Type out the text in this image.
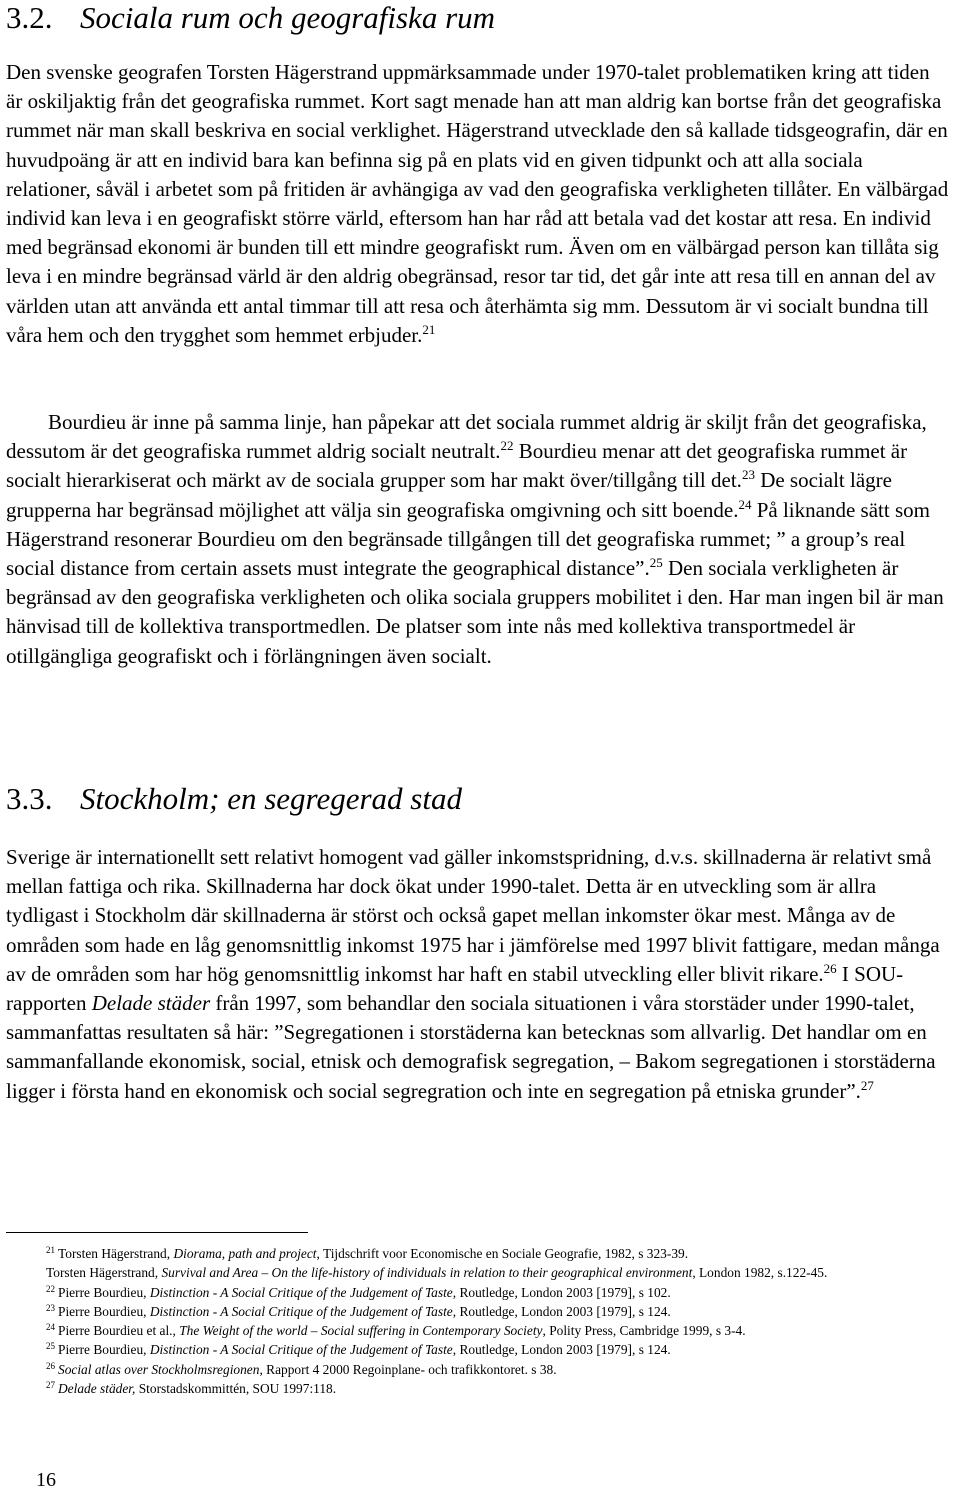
3.2. Sociala rum och geografiska rum

Den svenske geografen Torsten Hägerstrand uppmärksammade under 1970-talet problematiken kring att tiden är oskiljaktig från det geografiska rummet. Kort sagt menade han att man aldrig kan bortse från det geografiska rummet när man skall beskriva en social verklighet. Hägerstrand utvecklade den så kallade tidsgeografin, där en huvudpoäng är att en individ bara kan befinna sig på en plats vid en given tidpunkt och att alla sociala relationer, såväl i arbetet som på fritiden är avhängiga av vad den geografiska verkligheten tillåter. En välbärgad individ kan leva i en geografiskt större värld, eftersom han har råd att betala vad det kostar att resa. En individ med begränsad ekonomi är bunden till ett mindre geografiskt rum. Även om en välbärgad person kan tillåta sig leva i en mindre begränsad värld är den aldrig obegränsad, resor tar tid, det går inte att resa till en annan del av världen utan att använda ett antal timmar till att resa och återhämta sig mm. Dessutom är vi socialt bundna till våra hem och den trygghet som hemmet erbjuder.$^{21}$

Bourdieu är inne på samma linje, han påpekar att det sociala rummet aldrig är skiljt från det geografiska, dessutom är det geografiska rummet aldrig socialt neutralt.$^{22}$ Bourdieu menar att det geografiska rummet är socialt hierarkiserat och märkt av de sociala grupper som har makt över/tillgång till det.$^{23}$ De socialt lägre grupperna har begränsad möjlighet att välja sin geografiska omgivning och sitt boende.$^{24}$ På liknande sätt som Hägerstrand resonerar Bourdieu om den begränsade tillgången till det geografiska rummet; ” a group’s real social distance from certain assets must integrate the geographical distance”.$^{25}$ Den sociala verkligheten är begränsad av den geografiska verkligheten och olika sociala gruppers mobilitet i den. Har man ingen bil är man hänvisad till de kollektiva transportmedlen. De platser som inte nås med kollektiva transportmedel är otillgängliga geografiskt och i förlängningen även socialt.

3.3. Stockholm; en segregerad stad

Sverige är internationellt sett relativt homogent vad gäller inkomstspridning, d.v.s. skillnaderna är relativt små mellan fattiga och rika. Skillnaderna har dock ökat under 1990-talet. Detta är en utveckling som är allra tydligast i Stockholm där skillnaderna är störst och också gapet mellan inkomster ökar mest. Många av de områden som hade en låg genomsnittlig inkomst 1975 har i jämförelse med 1997 blivit fattigare, medan många av de områden som har hög genomsnittlig inkomst har haft en stabil utveckling eller blivit rikare.$^{26}$ I SOU-rapporten Delade städer från 1997, som behandlar den sociala situationen i våra storstäder under 1990-talet, sammanfattas resultaten så här: ”Segregationen i storstäderna kan betecknas som allvarlig. Det handlar om en sammanfallande ekonomisk, social, etnisk och demografisk segregation, – Bakom segregationen i storstäderna ligger i första hand en ekonomisk och social segregration och inte en segregation på etniska grunder”.$^{27}$

$^{21}$ Torsten Hägerstrand, Diorama, path and project, Tijdschrift voor Economische en Sociale Geografie, 1982, s 323-39.
Torsten Hägerstrand, Survival and Area – On the life-history of individuals in relation to their geographical environment, London 1982, s.122-45.

$^{22}$ Pierre Bourdieu, Distinction - A Social Critique of the Judgement of Taste, Routledge, London 2003 [1979], s 102.

$^{23}$ Pierre Bourdieu, Distinction - A Social Critique of the Judgement of Taste, Routledge, London 2003 [1979], s 124.

$^{24}$ Pierre Bourdieu et al., The Weight of the world – Social suffering in Contemporary Society, Polity Press, Cambridge 1999, s 3-4.

$^{25}$ Pierre Bourdieu, Distinction - A Social Critique of the Judgement of Taste, Routledge, London 2003 [1979], s 124.

$^{26}$ Social atlas over Stockholmsregionen, Rapport 4 2000 Regoinplane- och trafikkontoret. s 38.

$^{27}$ Delade städer, Storstadskommittén, SOU 1997:118.

16
